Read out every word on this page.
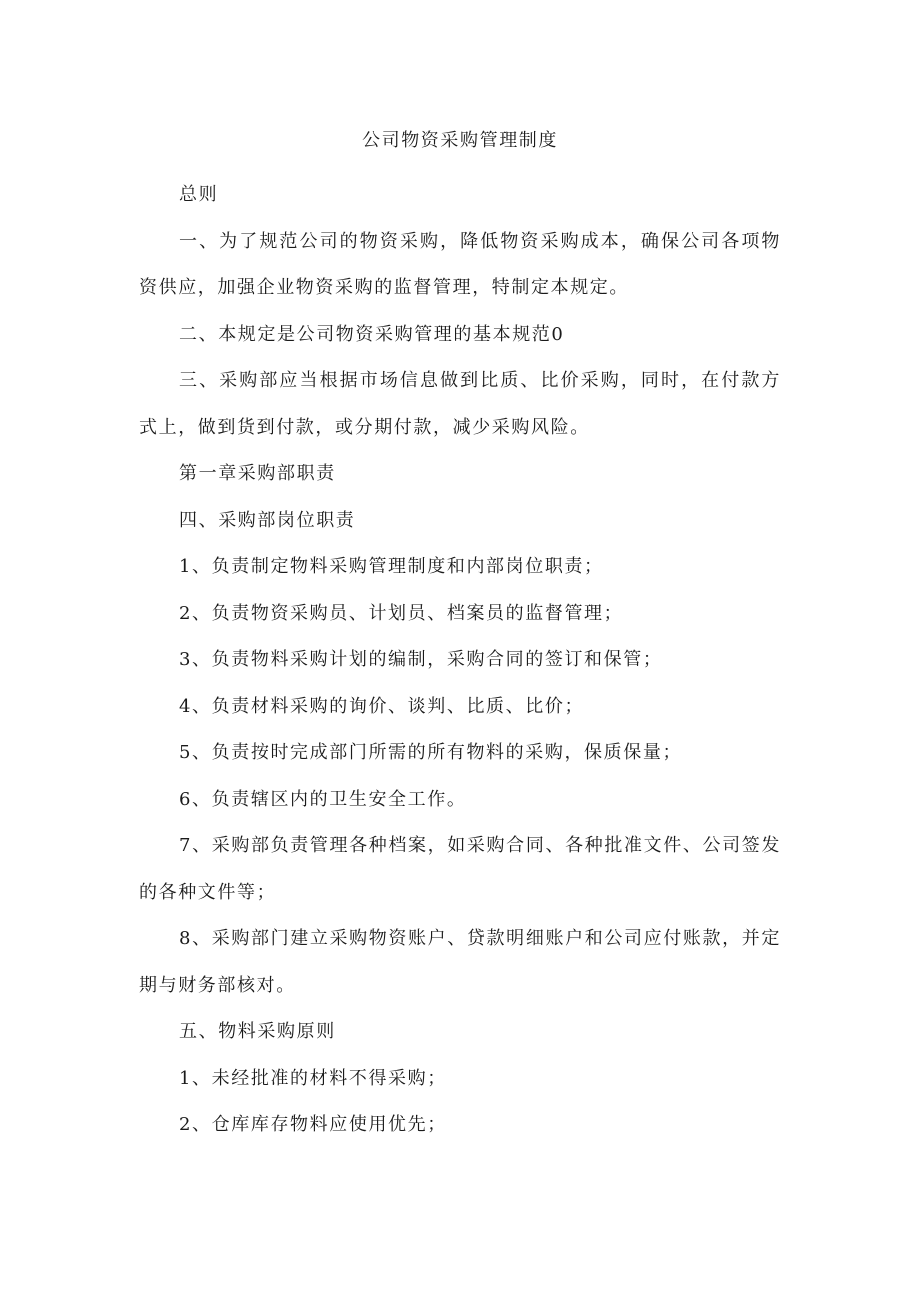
公司物资采购管理制度

总则

一、为了规范公司的物资采购，降低物资采购成本，确保公司各项物资供应，加强企业物资采购的监督管理，特制定本规定。

二、本规定是公司物资采购管理的基本规范0

三、采购部应当根据市场信息做到比质、比价采购，同时，在付款方式上，做到货到付款，或分期付款，减少采购风险。

第一章采购部职责

四、采购部岗位职责

1、负责制定物料采购管理制度和内部岗位职责；

2、负责物资采购员、计划员、档案员的监督管理；

3、负责物料采购计划的编制，采购合同的签订和保管；

4、负责材料采购的询价、谈判、比质、比价；

5、负责按时完成部门所需的所有物料的采购，保质保量；

6、负责辖区内的卫生安全工作。

7、采购部负责管理各种档案，如采购合同、各种批准文件、公司签发的各种文件等；

8、采购部门建立采购物资账户、贷款明细账户和公司应付账款，并定期与财务部核对。

五、物料采购原则

1、未经批准的材料不得采购；

2、仓库库存物料应使用优先；
